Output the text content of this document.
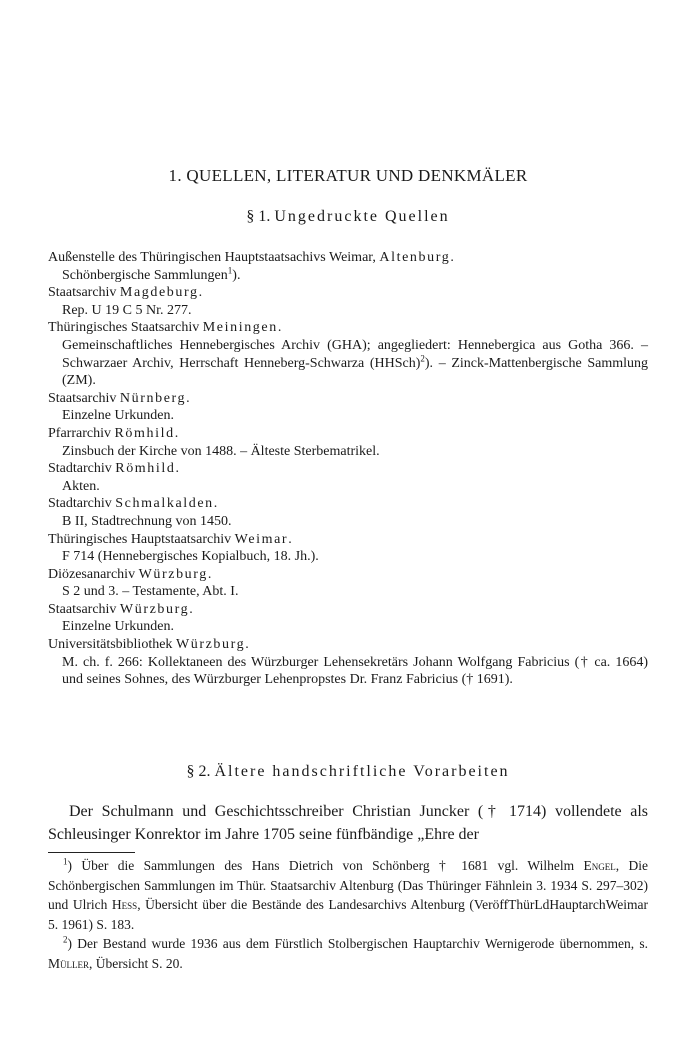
1. QUELLEN, LITERATUR UND DENKMÄLER
§ 1. Ungedruckte Quellen
Außenstelle des Thüringischen Hauptstaatsachivs Weimar, Altenburg.
Schönbergische Sammlungen$^1$).
Staatsarchiv Magdeburg.
Rep. U 19 C 5 Nr. 277.
Thüringisches Staatsarchiv Meiningen.
Gemeinschaftliches Hennebergisches Archiv (GHA); angegliedert: Hennebergica aus Gotha 366. – Schwarzaer Archiv, Herrschaft Henneberg-Schwarza (HHSch)$^2$). – Zinck-Mattenbergische Sammlung (ZM).
Staatsarchiv Nürnberg.
Einzelne Urkunden.
Pfarrarchiv Römhild.
Zinsbuch der Kirche von 1488. – Älteste Sterbematrikel.
Stadtarchiv Römhild.
Akten.
Stadtarchiv Schmalkalden.
B II, Stadtrechnung von 1450.
Thüringisches Hauptstaatsarchiv Weimar.
F 714 (Hennebergisches Kopialbuch, 18. Jh.).
Diözesanarchiv Würzburg.
S 2 und 3. – Testamente, Abt. I.
Staatsarchiv Würzburg.
Einzelne Urkunden.
Universitätsbibliothek Würzburg.
M. ch. f. 266: Kollektaneen des Würzburger Lehensekretärs Johann Wolfgang Fabricius († ca. 1664) und seines Sohnes, des Würzburger Lehenpropstes Dr. Franz Fabricius († 1691).
§ 2. Ältere handschriftliche Vorarbeiten

Der Schulmann und Geschichtsschreiber Christian Juncker († 1714) vollendete als Schleusinger Konrektor im Jahre 1705 seine fünfbändige „Ehre der

$^1$) Über die Sammlungen des Hans Dietrich von Schönberg † 1681 vgl. Wilhelm Engel, Die Schönbergischen Sammlungen im Thür. Staatsarchiv Altenburg (Das Thüringer Fähnlein 3. 1934 S. 297–302) und Ulrich Hess, Übersicht über die Bestände des Landesarchivs Altenburg (VeröffThürLdHauptarchWeimar 5. 1961) S. 183.

$^2$) Der Bestand wurde 1936 aus dem Fürstlich Stolbergischen Hauptarchiv Wernigerode übernommen, s. Müller, Übersicht S. 20.
